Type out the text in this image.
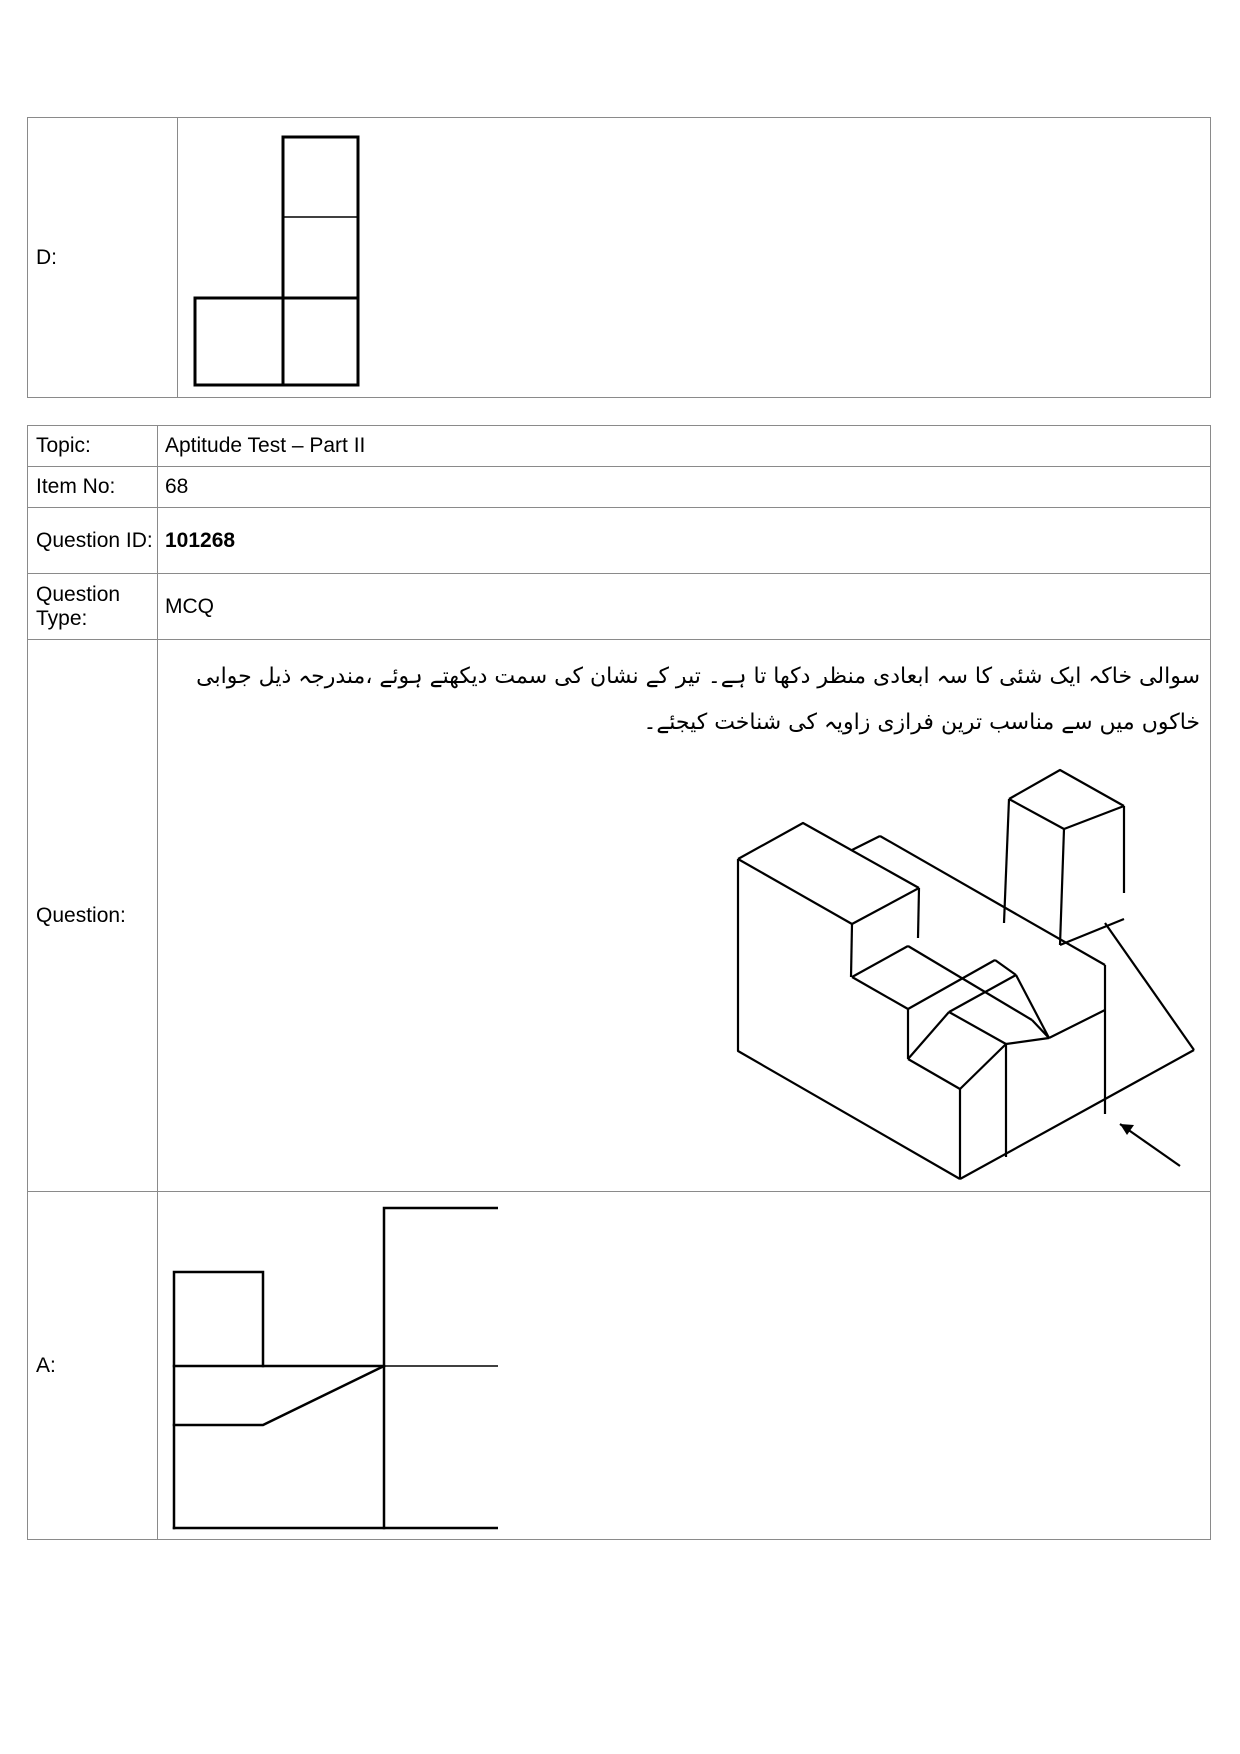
D:	
Topic:	Aptitude Test – Part II
Item No:	68
Question ID:	101268
Question Type:	MCQ
Question:	سوالی خاکہ ایک شئی کا سہ ابعادی منظر دکھا تا ہے۔ تیر کے نشان کی سمت دیکھتے ہوئے ،مندرجہ ذیل جوابی خاکوں میں سے مناسب ترین فرازی زاویہ کی شناخت کیجئے۔

A:	
